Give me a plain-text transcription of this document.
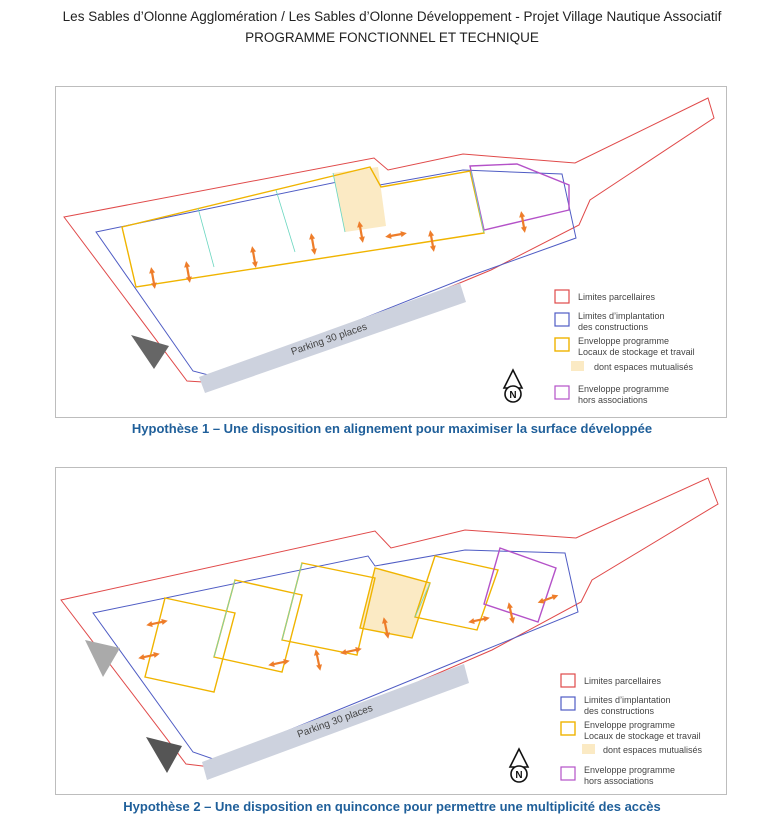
Les Sables d’Olonne Agglomération / Les Sables d’Olonne Développement - Projet Village Nautique Associatif
PROGRAMME FONCTIONNEL ET TECHNIQUE
Hypothèse 1 – Une disposition en alignement pour maximiser la surface développée
Hypothèse 2 – Une disposition en quinconce pour permettre une multiplicité des accès
Parking 30 places
N
Limites parcellaires
Limites d’implantation
des constructions
Enveloppe programme
Locaux de stockage et travail
dont espaces mutualisés
Enveloppe programme
hors associations
Parking 30 places
N
Limites parcellaires
Limites d’implantation
des constructions
Enveloppe programme
Locaux de stockage et travail
dont espaces mutualisés
Enveloppe programme
hors associations
